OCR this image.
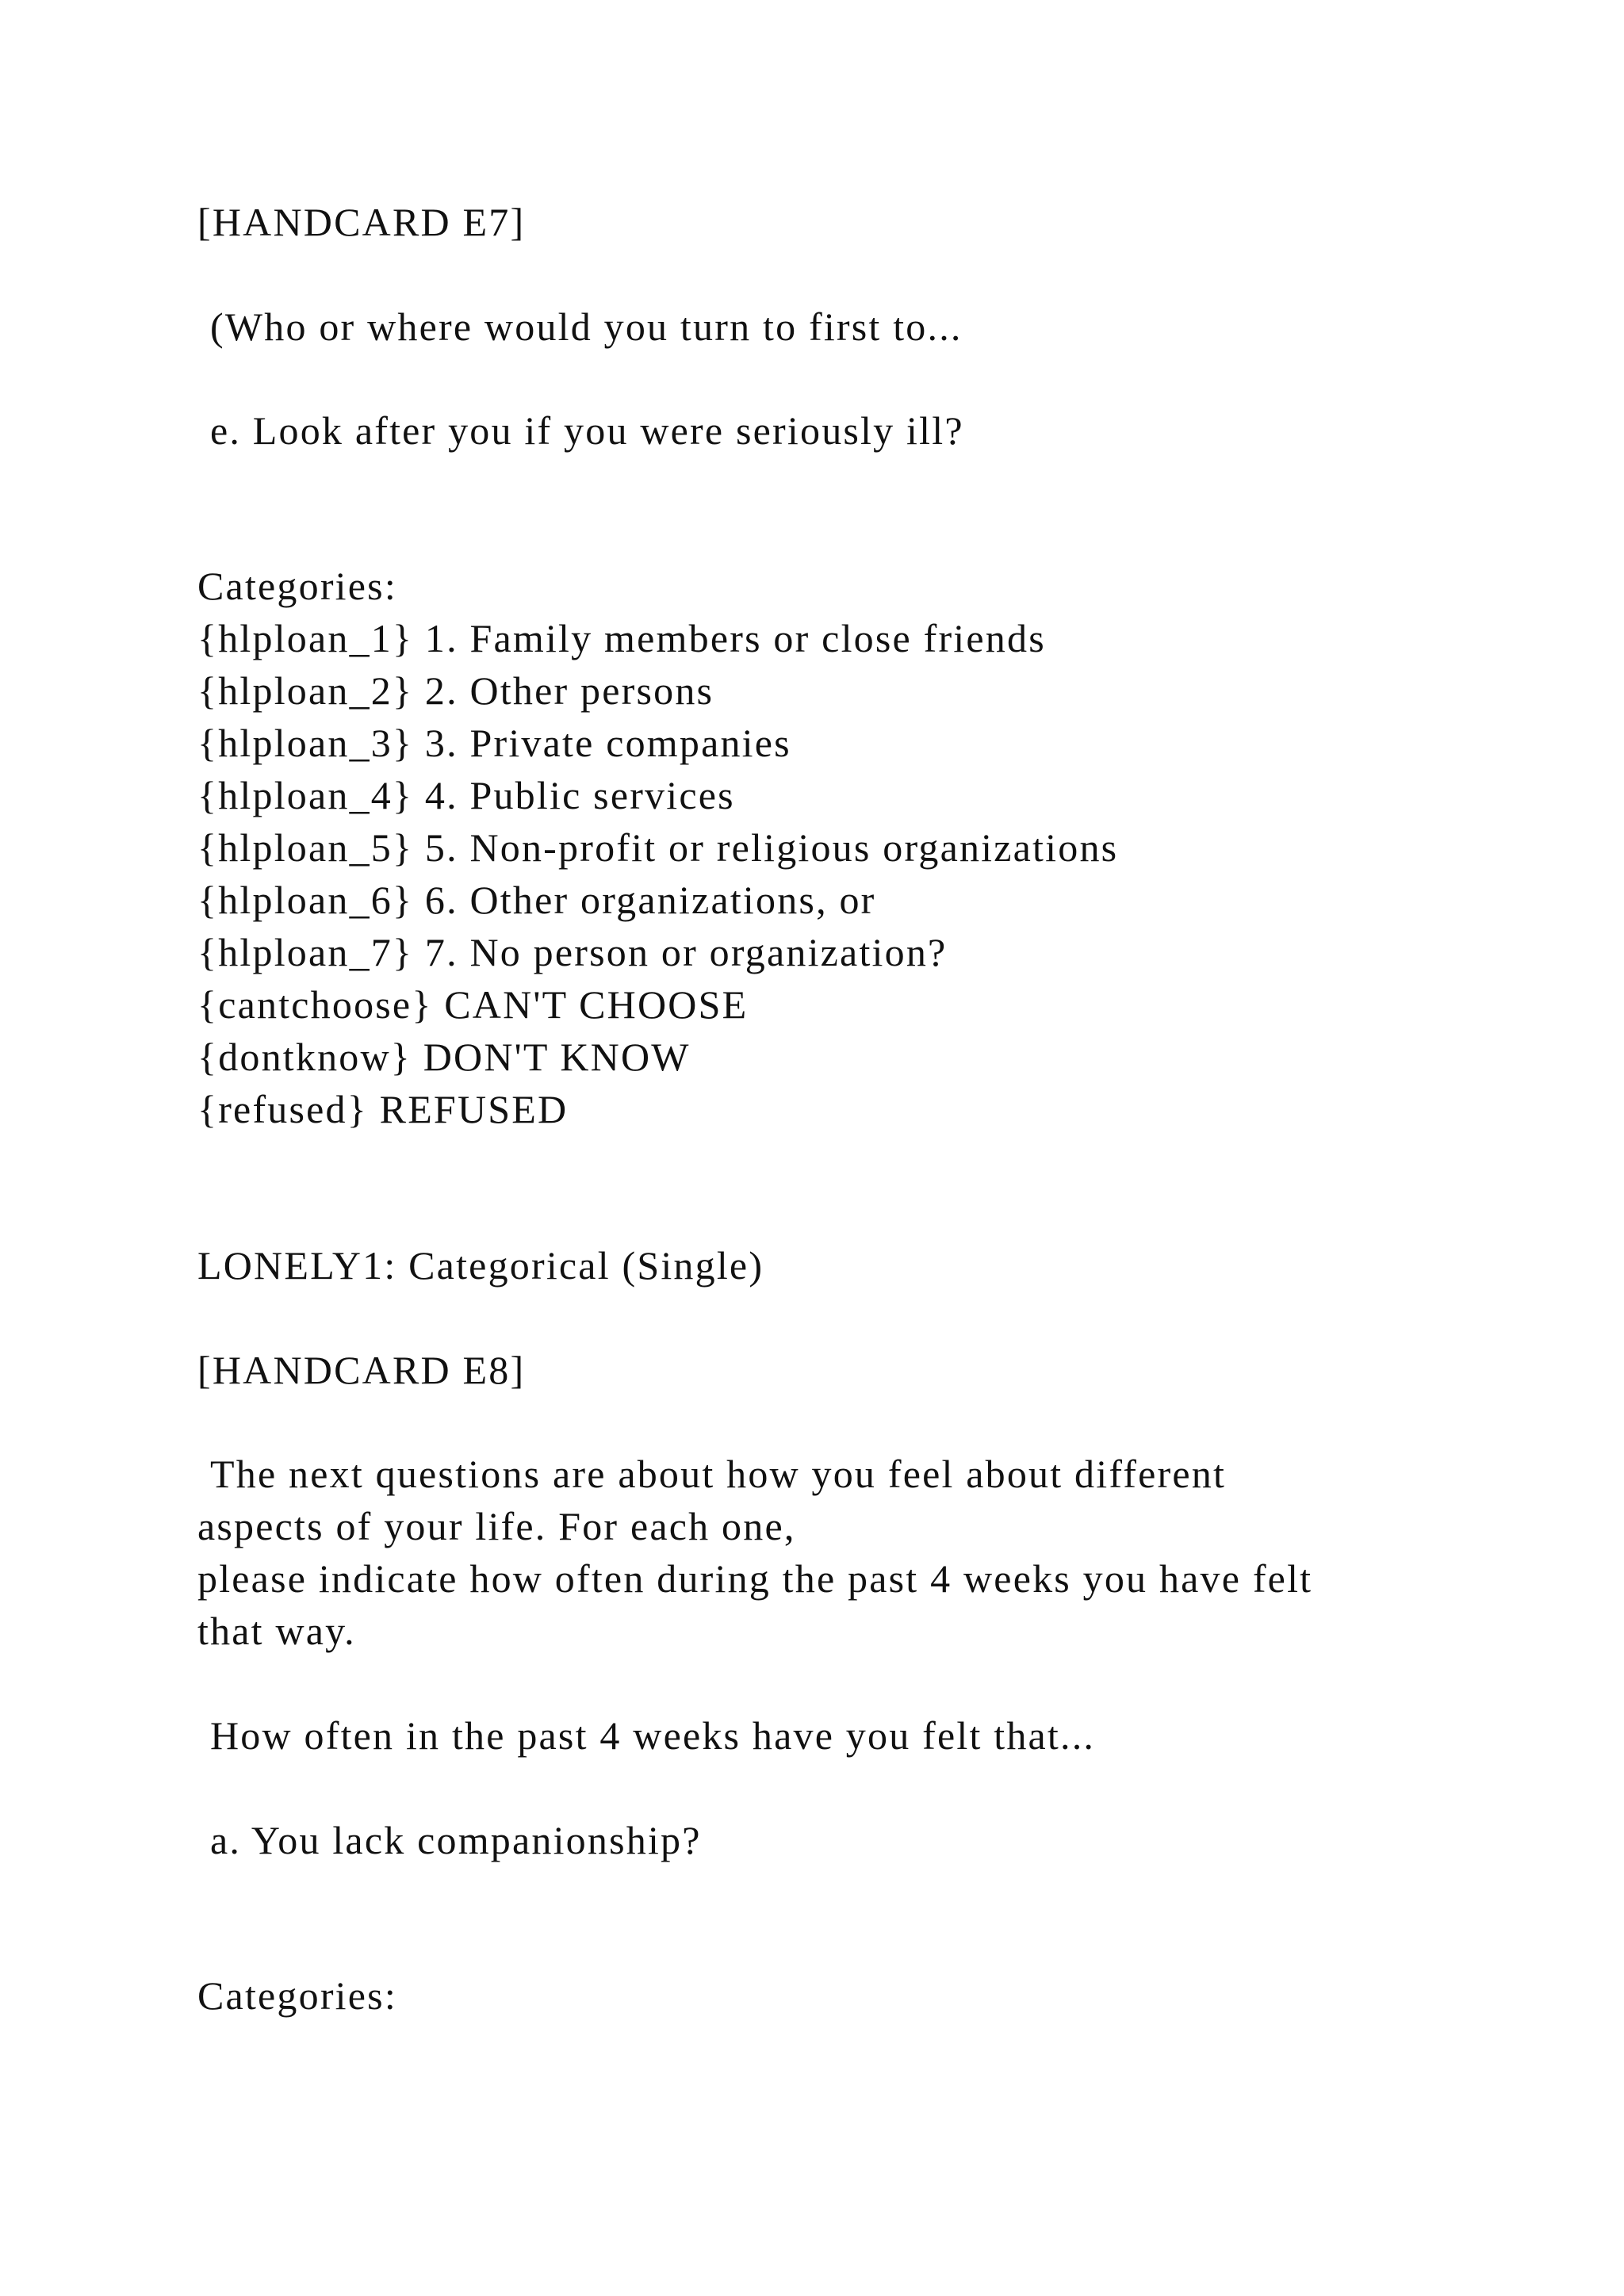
[HANDCARD E7]
(Who or where would you turn to first to...
e. Look after you if you were seriously ill?
Categories:
{hlploan_1} 1. Family members or close friends
{hlploan_2} 2. Other persons
{hlploan_3} 3. Private companies
{hlploan_4} 4. Public services
{hlploan_5} 5. Non-profit or religious organizations
{hlploan_6} 6. Other organizations, or
{hlploan_7} 7. No person or organization?
{cantchoose} CAN'T CHOOSE
{dontknow} DON'T KNOW
{refused} REFUSED
LONELY1: Categorical (Single)
[HANDCARD E8]
The next questions are about how you feel about different
aspects of your life. For each one,
please indicate how often during the past 4 weeks you have felt
that way.
How often in the past 4 weeks have you felt that...
a. You lack companionship?
Categories:
